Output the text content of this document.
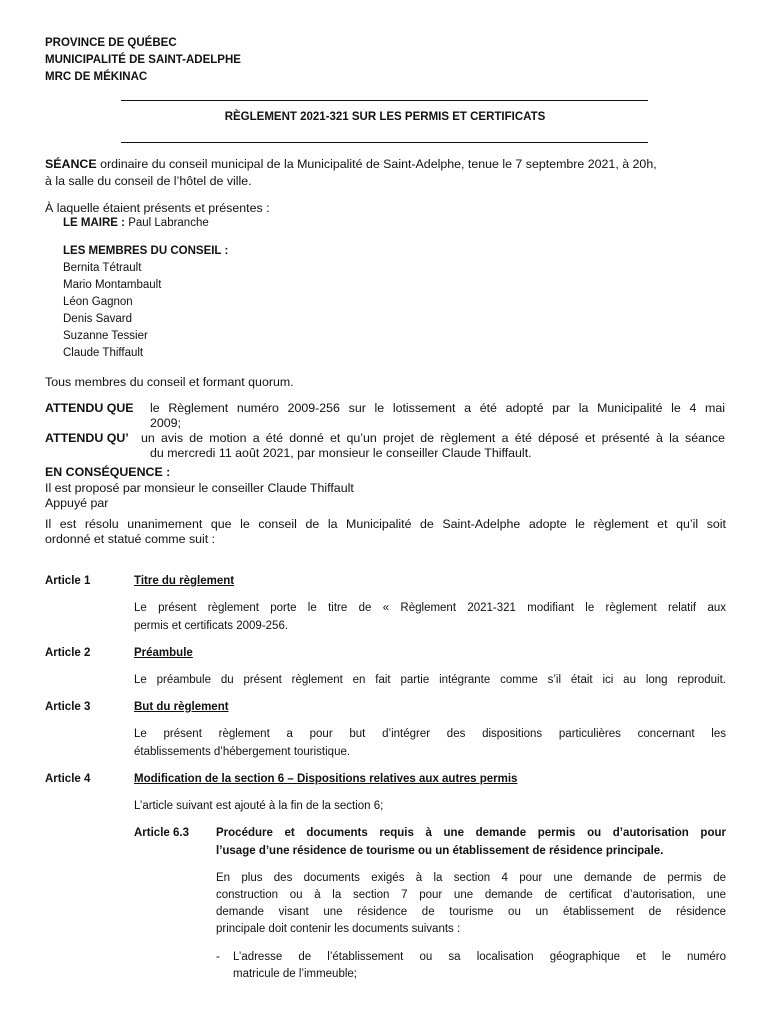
PROVINCE DE QUÉBEC
MUNICIPALITÉ DE SAINT-ADELPHE
MRC DE MÉKINAC
RÈGLEMENT 2021-321 SUR LES PERMIS ET CERTIFICATS
SÉANCE ordinaire du conseil municipal de la Municipalité de Saint-Adelphe, tenue le 7 septembre 2021, à 20h,
à la salle du conseil de l’hôtel de ville.
À laquelle étaient présents et présentes :
LE MAIRE : Paul Labranche
LES MEMBRES DU CONSEIL :
Bernita Tétrault
Mario Montambault
Léon Gagnon
Denis Savard
Suzanne Tessier
Claude Thiffault
Tous membres du conseil et formant quorum.
ATTENDU QUE le Règlement numéro 2009-256 sur le lotissement a été adopté par la Municipalité le 4 mai
2009;
ATTENDU QU’ un avis de motion a été donné et qu’un projet de règlement a été déposé et présenté à la séance
du mercredi 11 août 2021, par monsieur le conseiller Claude Thiffault.
EN CONSÉQUENCE :
Il est proposé par monsieur le conseiller Claude Thiffault
Appuyé par
Il est résolu unanimement que le conseil de la Municipalité de Saint-Adelphe adopte le règlement et qu’il soit
ordonné et statué comme suit :
Article 1	Titre du règlement
Le présent règlement porte le titre de « Règlement 2021-321 modifiant le règlement relatif aux
permis et certificats 2009-256.
Article 2	Préambule
Le préambule du présent règlement en fait partie intégrante comme s’il était ici au long reproduit.
Article 3	But du règlement
Le présent règlement a pour but d’intégrer des dispositions particulières concernant les
établissements d’hébergement touristique.
Article 4	Modification de la section 6 – Dispositions relatives aux autres permis
L’article suivant est ajouté à la fin de la section 6;
Article 6.3 Procédure et documents requis à une demande permis ou d’autorisation pour
l’usage d’une résidence de tourisme ou un établissement de résidence principale.
En plus des documents exigés à la section 4 pour une demande de permis de
construction ou à la section 7 pour une demande de certificat d’autorisation, une
demande visant une résidence de tourisme ou un établissement de résidence
principale doit contenir les documents suivants :
- L’adresse de l’établissement ou sa localisation géographique et le numéro
matricule de l’immeuble;
